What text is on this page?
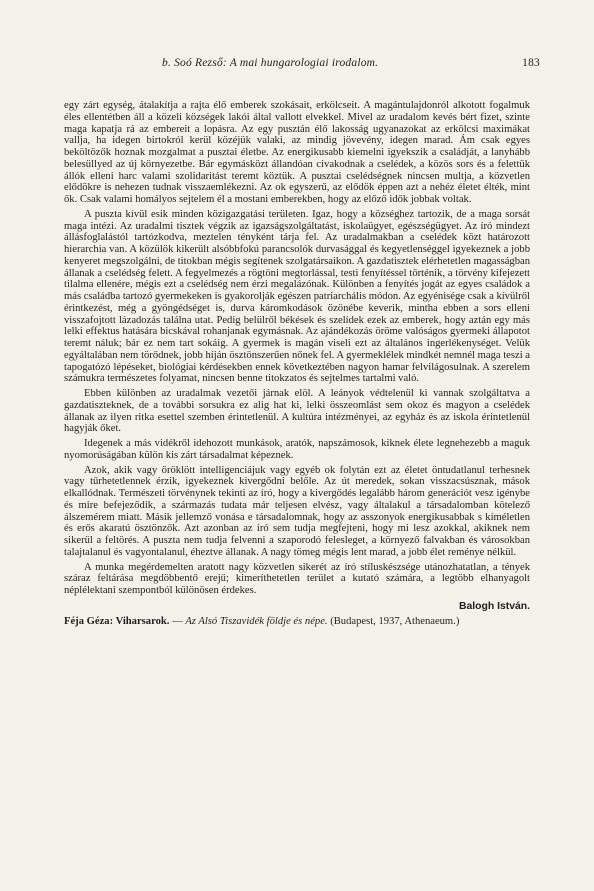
b. Soó Rezső: A mai hungarologiai irodalom.	183

egy zárt egység, átalakítja a rajta élő emberek szokásait, erkölcseit. A magántulajdonról alkotott fogalmuk éles ellentétben áll a közeli községek lakói által vallott elvekkel. Mivel az uradalom kevés bért fizet, szinte maga kapatja rá az embereit a lopásra. Az egy pusztán élő lakosság ugyanazokat az erkölcsi maximákat vallja, ha idegen birtokról kerül közéjük valaki, az mindig jövevény, idegen marad. Ám csak egyes beköltözők hoznak mozgalmat a pusztai életbe. Az energikusabb kiemelni igyekszik a családját, a lanyhább belesüllyed az új környezetbe. Bár egymásközt állandóan civakodnak a cselédek, a közös sors és a felettük állók elleni harc valami szolidaritást teremt köztük. A pusztai cselédségnek nincsen multja, a közvetlen elődökre is nehezen tudnak visszaemlékezni. Az ok egyszerű, az elődök éppen azt a nehéz életet élték, mint ők. Csak valami homályos sejtelem él a mostani emberekben, hogy az előző idők jobbak voltak.

A puszta kívül esik minden közigazgatási területen. Igaz, hogy a községhez tartozik, de a maga sorsát maga intézi. Az uradalmi tisztek végzik az igazságszolgáltatást, iskolaügyet, egészségügyet. Az író mindezt állásfoglalástól tartózkodva, meztelen tényként tárja fel. Az uradalmakban a cselédek közt határozott hierarchia van. A közülök kikerült alsóbbfokú parancsolók durvasággal és kegyetlenséggel igyekeznek a jobb kenyeret megszolgálni, de titokban mégis segítenek szolgatársaikon. A gazdatisztek elérhetetlen magasságban állanak a cselédség felett. A fegyelmezés a rögtöni megtorlással, testi fenyítéssel történik, a törvény kifejezett tilalma ellenére, mégis ezt a cselédség nem érzi megalázónak. Különben a fenyítés jogát az egyes családok a más családba tartozó gyermekeken is gyakorolják egészen patriarchális módon. Az egyénisége csak a kívülről érintkezést, még a gyöngédséget is, durva káromkodások özönébe keverik, mintha ebben a sors elleni visszafojtott lázadozás találna utat. Pedig belülről békések és szelídek ezek az emberek, hogy aztán egy más lelki effektus hatására bicskával rohanjanak egymásnak. Az ajándékozás öröme valóságos gyermeki állapotot teremt náluk; bár ez nem tart sokáig. A gyermek is magán viseli ezt az általános ingerlékenységet. Velük egyáltalában nem törődnek, jobb híján ösztönszerűen nőnek fel. A gyermeklélek mindkét nemnél maga teszi a tapogatózó lépéseket, biológiai kérdésekben ennek következtében nagyon hamar felvilágosulnak. A szerelem számukra természetes folyamat, nincsen benne titokzatos és sejtelmes tartalmi való.

Ebben különben az uradalmak vezetői járnak elöl. A leányok védtelenül ki vannak szolgáltatva a gazdatiszteknek, de a további sorsukra ez alig hat ki, lelki összeomlást sem okoz és magyon a cselédek állanak az ilyen ritka esettel szemben érintetlenül. A kultúra intézményei, az egyház és az iskola érintetlenül hagyják őket.

Idegenek a más vidékről idehozott munkások, aratók, napszámosok, kiknek élete legnehezebb a maguk nyomorúságában külön kis zárt társadalmat képeznek.

Azok, akik vagy öröklött intelligenciájuk vagy egyéb ok folytán ezt az életet öntudatlanul terhesnek vagy tűrhetetlennek érzik, igyekeznek kivergődni belőle. Az út meredek, sokan visszacsúsznak, mások elkallódnak. Természeti törvénynek tekinti az író, hogy a kivergődés legalább három generációt vesz igénybe és mire befejeződik, a származás tudata már teljesen elvész, vagy általakul a társadalomban kötelező álszemérem miatt. Másik jellemző vonása e társadalomnak, hogy az asszonyok energikusabbak s kíméletlen és erős akaratú ösztönzők. Azt azonban az író sem tudja megfejteni, hogy mi lesz azokkal, akiknek nem sikerül a feltörés. A puszta nem tudja felvenni a szaporodó felesleget, a környező falvakban és városokban talajtalanul és vagyontalanul, éheztve állanak. A nagy tömeg mégis lent marad, a jobb élet reménye nélkül.

A munka megérdemelten aratott nagy közvetlen sikerét az író stíluskészsége utánozhatatlan, a tények száraz feltárása megdöbbentő erejű; kimeríthetetlen terület a kutató számára, a legtöbb elhanyagolt néplélektani szempontból különösen érdekes.

Balogh István.

Féja Géza: Viharsarok. — Az Alsó Tiszavidék földje és népe. (Budapest, 1937, Athenaeum.)
